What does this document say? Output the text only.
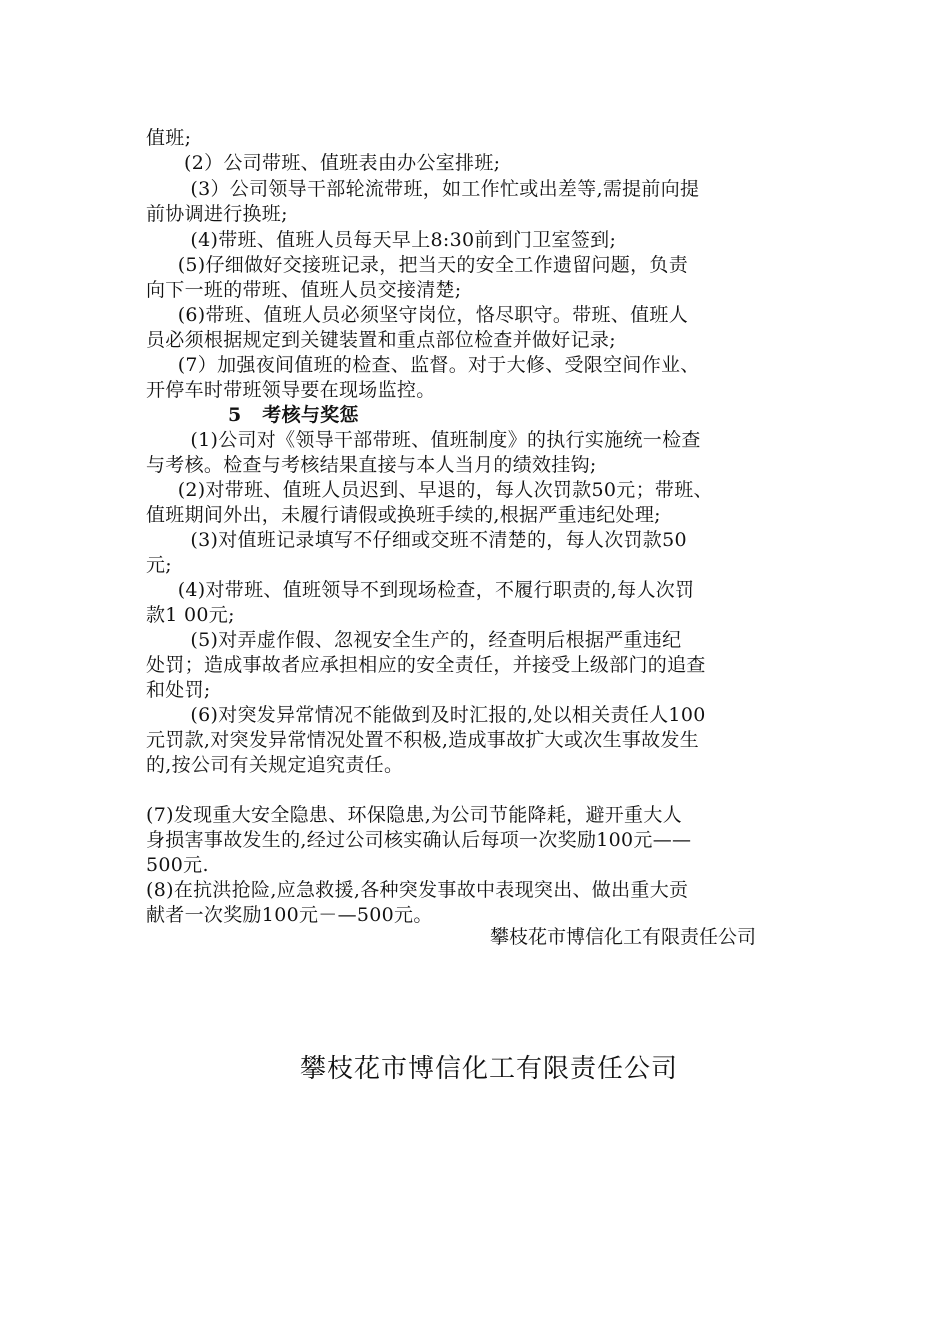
值班;
(2）公司带班、值班表由办公室排班;
(3）公司领导干部轮流带班，如工作忙或出差等,需提前向提
前协调进行换班;
(4)带班、值班人员每天早上8:30前到门卫室签到;
(5)仔细做好交接班记录，把当天的安全工作遗留问题，负责
向下一班的带班、值班人员交接清楚;
(6)带班、值班人员必须坚守岗位，恪尽职守。带班、值班人
员必须根据规定到关键装置和重点部位检查并做好记录;
(7）加强夜间值班的检查、监督。对于大修、受限空间作业、
开停车时带班领导要在现场监控。
5   考核与奖惩
(1)公司对《领导干部带班、值班制度》的执行实施统一检查
与考核。检查与考核结果直接与本人当月的绩效挂钩;
(2)对带班、值班人员迟到、早退的，每人次罚款50元；带班、
值班期间外出，未履行请假或换班手续的,根据严重违纪处理;
(3)对值班记录填写不仔细或交班不清楚的，每人次罚款50
元;
(4)对带班、值班领导不到现场检查，不履行职责的,每人次罚
款1 00元;
(5)对弄虚作假、忽视安全生产的，经查明后根据严重违纪
处罚；造成事故者应承担相应的安全责任，并接受上级部门的追查
和处罚;
(6)对突发异常情况不能做到及时汇报的,处以相关责任人100
元罚款,对突发异常情况处置不积极,造成事故扩大或次生事故发生
的,按公司有关规定追究责任。
(7)发现重大安全隐患、环保隐患,为公司节能降耗，避开重大人
身损害事故发生的,经过公司核实确认后每项一次奖励100元——
500元.
(8)在抗洪抢险,应急救援,各种突发事故中表现突出、做出重大贡
献者一次奖励100元－—500元。
攀枝花市博信化工有限责任公司
攀枝花市博信化工有限责任公司
